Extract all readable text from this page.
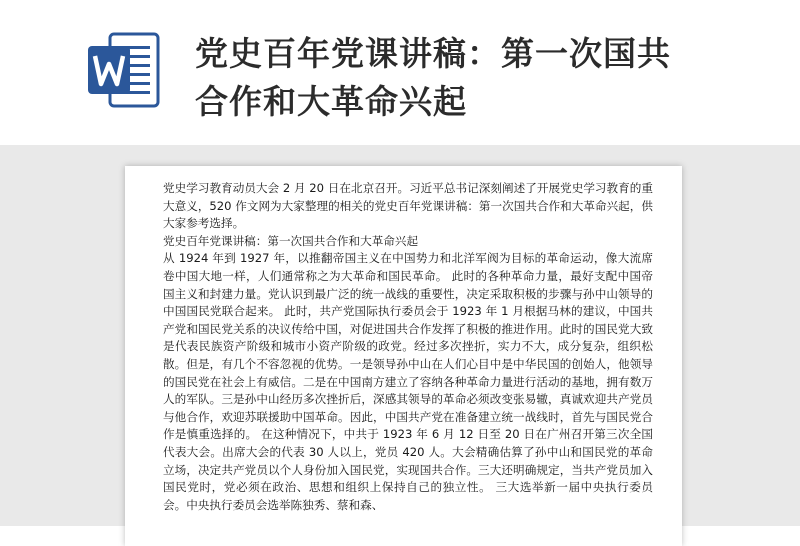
党史百年党课讲稿：第一次国共
合作和大革命兴起

党史学习教育动员大会 2 月 20 日在北京召开。习近平总书记深刻阐述了开展党史学习教育的重大意义，520 作文网为大家整理的相关的党史百年党课讲稿：第一次国共合作和大革命兴起，供大家参考选择。

党史百年党课讲稿：第一次国共合作和大革命兴起

从 1924 年到 1927 年，以推翻帝国主义在中国势力和北洋军阀为目标的革命运动，像大流席卷中国大地一样，人们通常称之为大革命和国民革命。 此时的各种革命力量，最好支配中国帝国主义和封建力量。党认识到最广泛的统一战线的重要性，决定采取积极的步骤与孙中山领导的中国国民党联合起来。 此时，共产党国际执行委员会于 1923 年 1 月根据马林的建议，中国共产党和国民党关系的决议传给中国，对促进国共合作发挥了积极的推进作用。此时的国民党大致是代表民族资产阶级和城市小资产阶级的政党。经过多次挫折，实力不大，成分复杂，组织松散。但是，有几个不容忽视的优势。一是领导孙中山在人们心目中是中华民国的创始人，他领导的国民党在社会上有威信。二是在中国南方建立了容纳各种革命力量进行活动的基地，拥有数万人的军队。三是孙中山经历多次挫折后，深感其领导的革命必须改变张易辙，真诚欢迎共产党员与他合作，欢迎苏联援助中国革命。因此，中国共产党在准备建立统一战线时，首先与国民党合作是慎重选择的。 在这种情况下，中共于 1923 年 6 月 12 日至 20 日在广州召开第三次全国代表大会。出席大会的代表 30 人以上，党员 420 人。大会精确估算了孙中山和国民党的革命立场，决定共产党员以个人身份加入国民党，实现国共合作。三大还明确规定，当共产党员加入国民党时，党必须在政治、思想和组织上保持自己的独立性。 三大选举新一届中央执行委员会。中央执行委员会选举陈独秀、蔡和森、
